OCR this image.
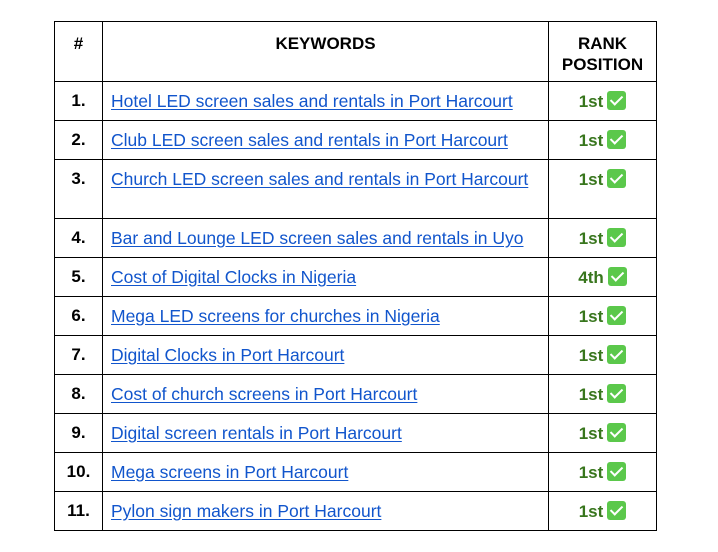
#	KEYWORDS	RANK
POSITION
1.	Hotel LED screen sales and rentals in Port Harcourt	1st
2.	Club LED screen sales and rentals in Port Harcourt	1st
3.	Church LED screen sales and rentals in Port Harcourt	1st
4.	Bar and Lounge LED screen sales and rentals in Uyo	1st
5.	Cost of Digital Clocks in Nigeria	4th
6.	Mega LED screens for churches in Nigeria	1st
7.	Digital Clocks in Port Harcourt	1st
8.	Cost of church screens in Port Harcourt	1st
9.	Digital screen rentals in Port Harcourt	1st
10.	Mega screens in Port Harcourt	1st
11.	Pylon sign makers in Port Harcourt	1st
